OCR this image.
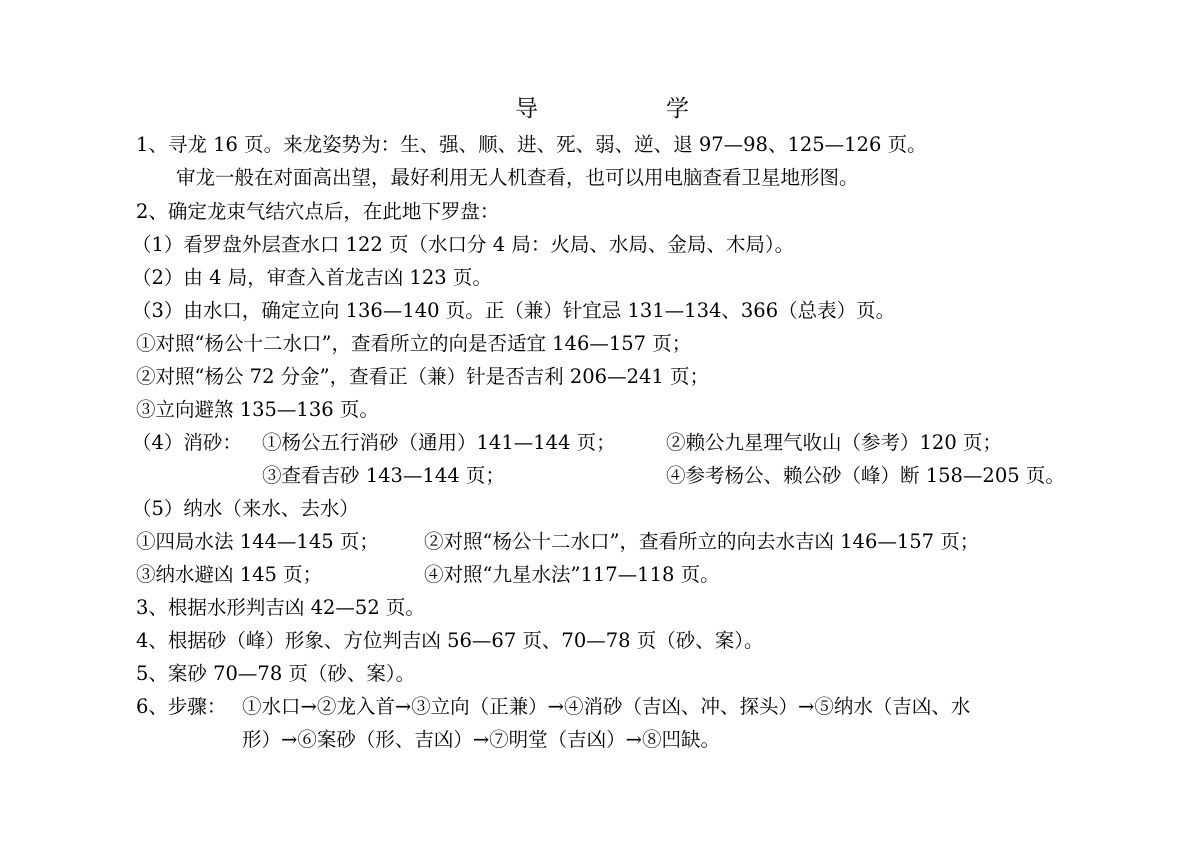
导	学
1、寻龙 16 页。来龙姿势为：生、强、顺、进、死、弱、逆、退 97—98、125—126 页。
审龙一般在对面高出望，最好利用无人机查看，也可以用电脑查看卫星地形图。
2、确定龙束气结穴点后，在此地下罗盘：
（1）看罗盘外层查水口 122 页（水口分 4 局：火局、水局、金局、木局）。
（2）由 4 局，审查入首龙吉凶 123 页。
（3）由水口，确定立向 136—140 页。正（兼）针宜忌 131—134、366（总表）页。
①对照“杨公十二水口”，查看所立的向是否适宜 146—157 页；
②对照“杨公 72 分金”，查看正（兼）针是否吉利 206—241 页；
③立向避煞 135—136 页。
（4）消砂： ①杨公五行消砂（通用）141—144 页；	②赖公九星理气收山（参考）120 页；
③查看吉砂 143—144 页；	④参考杨公、赖公砂（峰）断 158—205 页。
（5）纳水（来水、去水）
①四局水法 144—145 页； ②对照“杨公十二水口”，查看所立的向去水吉凶 146—157 页；
③纳水避凶 145 页；	④对照“九星水法”117—118 页。
3、根据水形判吉凶 42—52 页。
4、根据砂（峰）形象、方位判吉凶 56—67 页、70—78 页（砂、案）。
5、案砂 70—78 页（砂、案）。
6、步骤： ①水口→②龙入首→③立向（正兼）→④消砂（吉凶、冲、探头）→⑤纳水（吉凶、水
形）→⑥案砂（形、吉凶）→⑦明堂（吉凶）→⑧凹缺。
